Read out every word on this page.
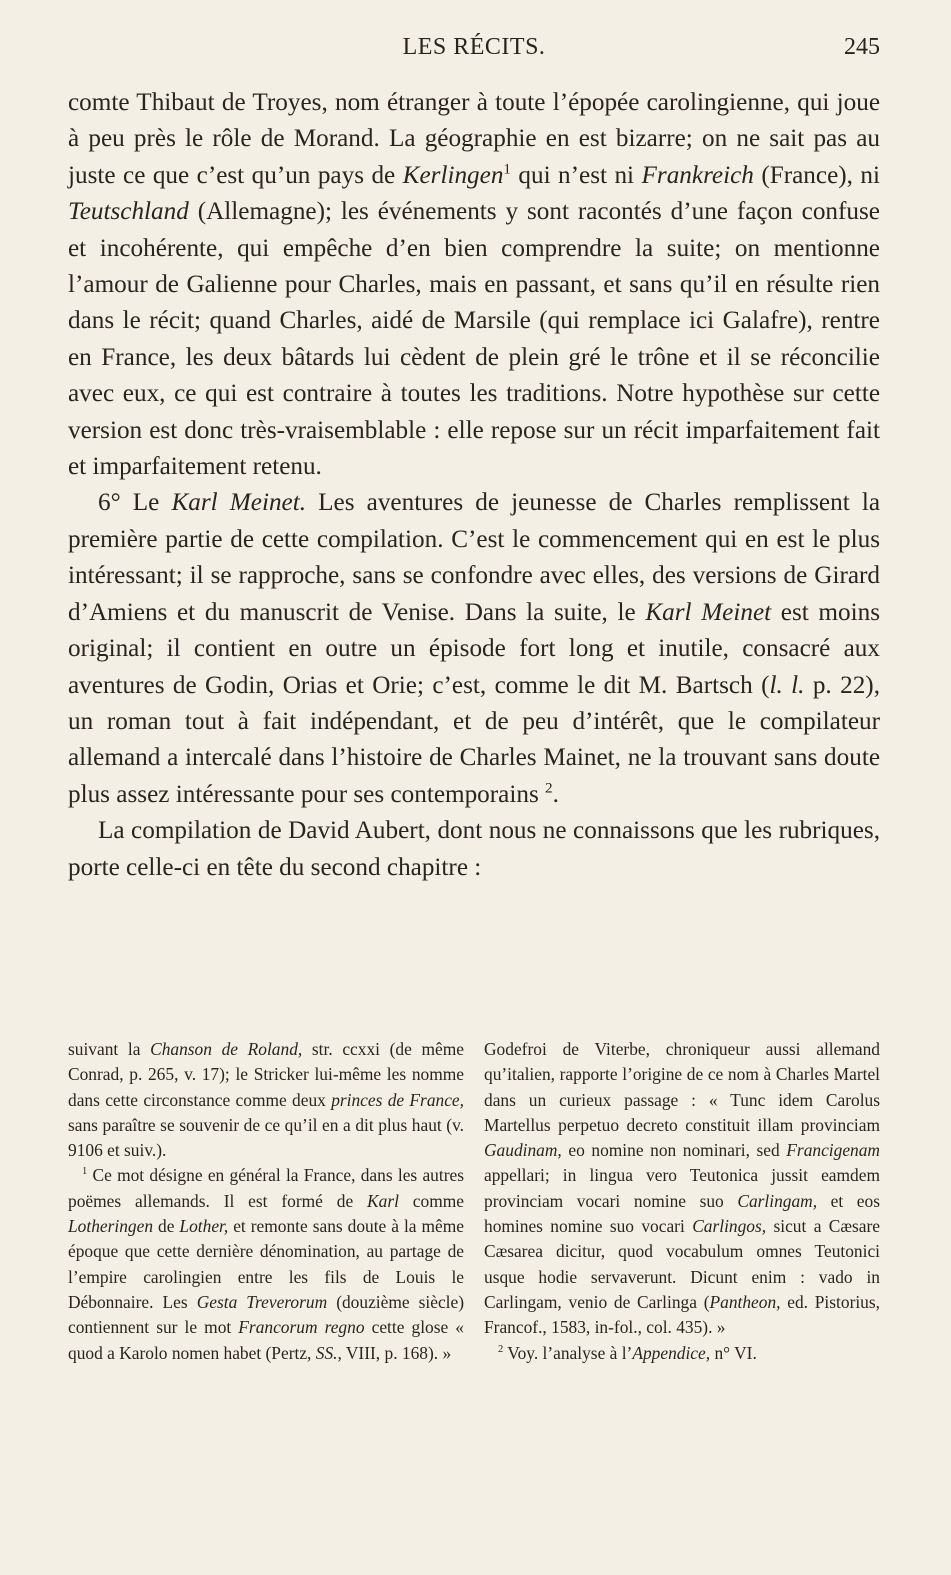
LES RÉCITS.	245

comte Thibaut de Troyes, nom étranger à toute l’épopée carolingienne, qui joue à peu près le rôle de Morand. La géographie en est bizarre; on ne sait pas au juste ce que c’est qu’un pays de Kerlingen$^1$ qui n’est ni Frankreich (France), ni Teutschland (Allemagne); les événements y sont racontés d’une façon confuse et incohérente, qui empêche d’en bien comprendre la suite; on mentionne l’amour de Galienne pour Charles, mais en passant, et sans qu’il en résulte rien dans le récit; quand Charles, aidé de Marsile (qui remplace ici Galafre), rentre en France, les deux bâtards lui cèdent de plein gré le trône et il se réconcilie avec eux, ce qui est contraire à toutes les traditions. Notre hypothèse sur cette version est donc très-vraisemblable : elle repose sur un récit imparfaitement fait et imparfaitement retenu.

6° Le Karl Meinet. Les aventures de jeunesse de Charles remplissent la première partie de cette compilation. C’est le commencement qui en est le plus intéressant; il se rapproche, sans se confondre avec elles, des versions de Girard d’Amiens et du manuscrit de Venise. Dans la suite, le Karl Meinet est moins original; il contient en outre un épisode fort long et inutile, consacré aux aventures de Godin, Orias et Orie; c’est, comme le dit M. Bartsch (l. l. p. 22), un roman tout à fait indépendant, et de peu d’intérêt, que le compilateur allemand a intercalé dans l’histoire de Charles Mainet, ne la trouvant sans doute plus assez intéressante pour ses contemporains $^2$.

La compilation de David Aubert, dont nous ne connaissons que les rubriques, porte celle-ci en tête du second chapitre :

suivant la Chanson de Roland, str. ccxxi (de même Conrad, p. 265, v. 17); le Stricker lui-même les nomme dans cette circonstance comme deux princes de France, sans paraître se souvenir de ce qu’il en a dit plus haut (v. 9106 et suiv.).

$^1$ Ce mot désigne en général la France, dans les autres poëmes allemands. Il est formé de Karl comme Lotheringen de Lother, et remonte sans doute à la même époque que cette dernière dénomination, au partage de l’empire carolingien entre les fils de Louis le Débonnaire. Les Gesta Treverorum (douzième siècle) contiennent sur le mot Francorum regno cette glose « quod a Karolo nomen habet (Pertz, SS., VIII, p. 168). »

Godefroi de Viterbe, chroniqueur aussi allemand qu’italien, rapporte l’origine de ce nom à Charles Martel dans un curieux passage : « Tunc idem Carolus Martellus perpetuo decreto constituit illam provinciam Gaudinam, eo nomine non nominari, sed Francigenam appellari; in lingua vero Teutonica jussit eamdem provinciam vocari nomine suo Carlingam, et eos homines nomine suo vocari Carlingos, sicut a Cæsare Cæsarea dicitur, quod vocabulum omnes Teutonici usque hodie servaverunt. Dicunt enim : vado in Carlingam, venio de Carlinga (Pantheon, ed. Pistorius, Francof., 1583, in-fol., col. 435). »

$^2$ Voy. l’analyse à l’Appendice, n° VI.
